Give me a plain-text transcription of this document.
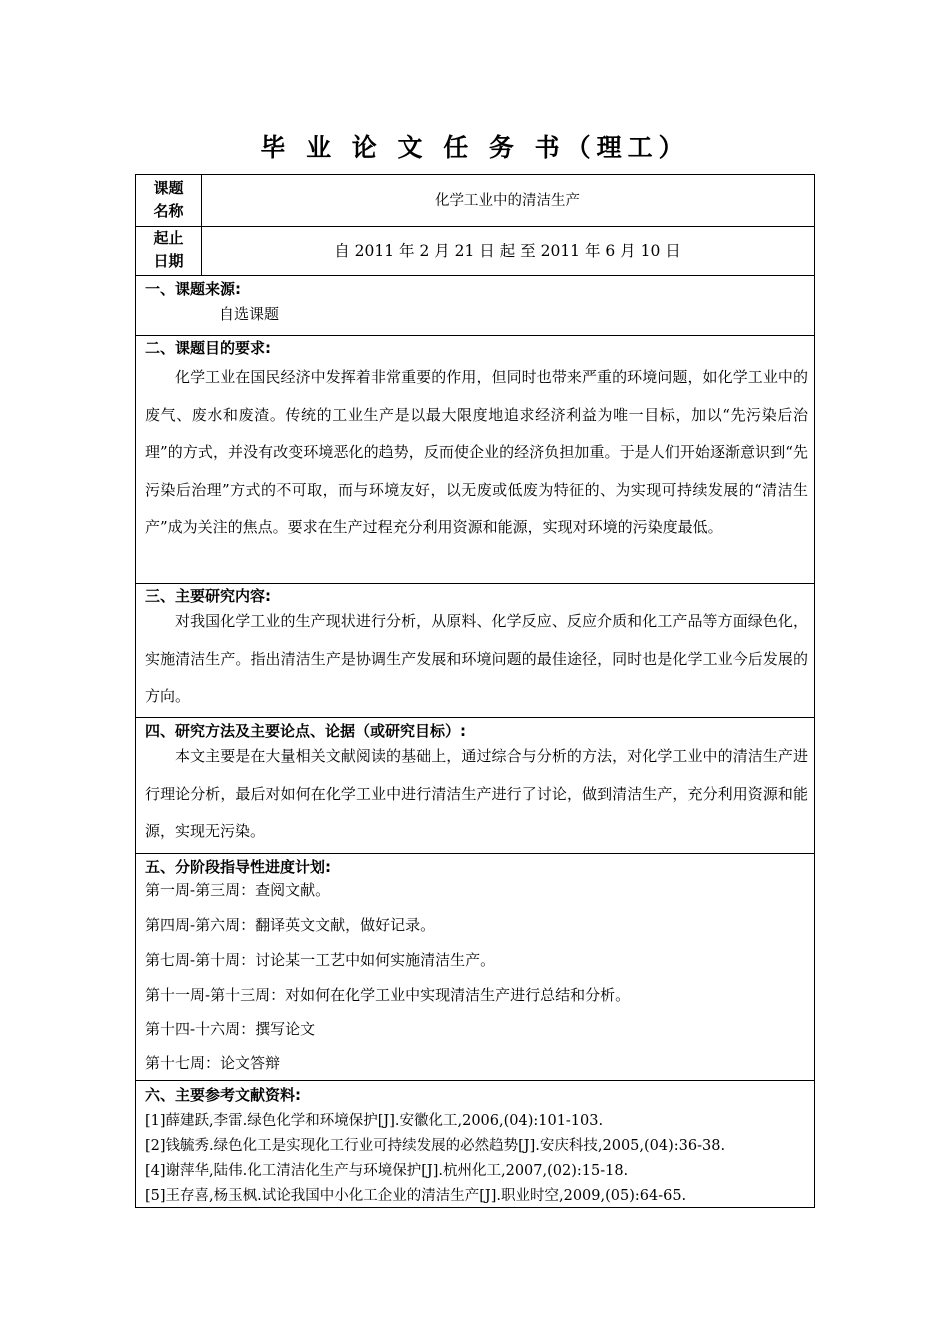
毕 业 论 文 任 务 书（理工）
课题
名称
化学工业中的清洁生产
起止
日期
自 2011 年 2 月 21 日 起 至 2011 年 6 月 10 日
一、课题来源:

自选课题

二、课题目的要求:

化学工业在国民经济中发挥着非常重要的作用，但同时也带来严重的环境问题，如化学工业中的废气、废水和废渣。传统的工业生产是以最大限度地追求经济利益为唯一目标，加以“先污染后治理”的方式，并没有改变环境恶化的趋势，反而使企业的经济负担加重。于是人们开始逐渐意识到“先污染后治理”方式的不可取，而与环境友好，以无废或低废为特征的、为实现可持续发展的“清洁生产”成为关注的焦点。要求在生产过程充分利用资源和能源，实现对环境的污染度最低。

三、主要研究内容:

对我国化学工业的生产现状进行分析，从原料、化学反应、反应介质和化工产品等方面绿色化，实施清洁生产。指出清洁生产是协调生产发展和环境问题的最佳途径，同时也是化学工业今后发展的方向。

四、研究方法及主要论点、论据（或研究目标）:

本文主要是在大量相关文献阅读的基础上，通过综合与分析的方法，对化学工业中的清洁生产进行理论分析，最后对如何在化学工业中进行清洁生产进行了讨论，做到清洁生产，充分利用资源和能源，实现无污染。

五、分阶段指导性进度计划:

第一周-第三周：查阅文献。

第四周-第六周：翻译英文文献，做好记录。

第七周-第十周：讨论某一工艺中如何实施清洁生产。

第十一周-第十三周：对如何在化学工业中实现清洁生产进行总结和分析。

第十四-十六周：撰写论文

第十七周：论文答辩

六、主要参考文献资料:
[1]薛建跃,李雷.绿色化学和环境保护[J].安徽化工,2006,(04):101-103.
[2]钱毓秀.绿色化工是实现化工行业可持续发展的必然趋势[J].安庆科技,2005,(04):36-38.
[4]谢萍华,陆伟.化工清洁化生产与环境保护[J].杭州化工,2007,(02):15-18.
[5]王存喜,杨玉枫.试论我国中小化工企业的清洁生产[J].职业时空,2009,(05):64-65.
